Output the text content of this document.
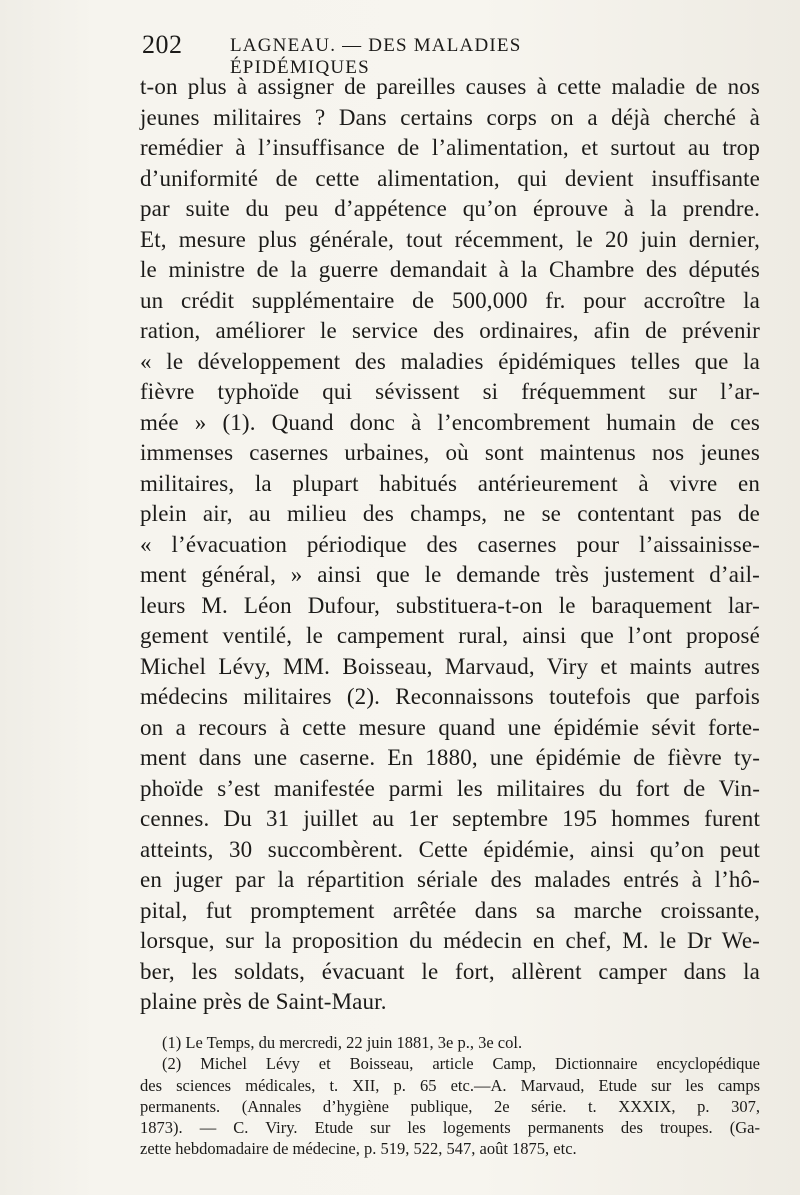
202	LAGNEAU. — DES MALADIES ÉPIDÉMIQUES
t-on plus à assigner de pareilles causes à cette maladie de nos
jeunes militaires ? Dans certains corps on a déjà cherché à
remédier à l’insuffisance de l’alimentation, et surtout au trop
d’uniformité de cette alimentation, qui devient insuffisante
par suite du peu d’appétence qu’on éprouve à la prendre.
Et, mesure plus générale, tout récemment, le 20 juin dernier,
le ministre de la guerre demandait à la Chambre des députés
un crédit supplémentaire de 500,000 fr. pour accroître la
ration, améliorer le service des ordinaires, afin de prévenir
« le développement des maladies épidémiques telles que la
fièvre typhoïde qui sévissent si fréquemment sur l’ar-
mée » (1). Quand donc à l’encombrement humain de ces
immenses casernes urbaines, où sont maintenus nos jeunes
militaires, la plupart habitués antérieurement à vivre en
plein air, au milieu des champs, ne se contentant pas de
« l’évacuation périodique des casernes pour l’aissainisse-
ment général, » ainsi que le demande très justement d’ail-
leurs M. Léon Dufour, substituera-t-on le baraquement lar-
gement ventilé, le campement rural, ainsi que l’ont proposé
Michel Lévy, MM. Boisseau, Marvaud, Viry et maints autres
médecins militaires (2). Reconnaissons toutefois que parfois
on a recours à cette mesure quand une épidémie sévit forte-
ment dans une caserne. En 1880, une épidémie de fièvre ty-
phoïde s’est manifestée parmi les militaires du fort de Vin-
cennes. Du 31 juillet au 1er septembre 195 hommes furent
atteints, 30 succombèrent. Cette épidémie, ainsi qu’on peut
en juger par la répartition sériale des malades entrés à l’hô-
pital, fut promptement arrêtée dans sa marche croissante,
lorsque, sur la proposition du médecin en chef, M. le Dr We-
ber, les soldats, évacuant le fort, allèrent camper dans la
plaine près de Saint-Maur.
(1) Le Temps, du mercredi, 22 juin 1881, 3e p., 3e col.
(2) Michel Lévy et Boisseau, article Camp, Dictionnaire encyclopédique
des sciences médicales, t. XII, p. 65 etc.—A. Marvaud, Etude sur les camps
permanents. (Annales d’hygiène publique, 2e série. t. XXXIX, p. 307,
1873). — C. Viry. Etude sur les logements permanents des troupes. (Ga-
zette hebdomadaire de médecine, p. 519, 522, 547, août 1875, etc.
